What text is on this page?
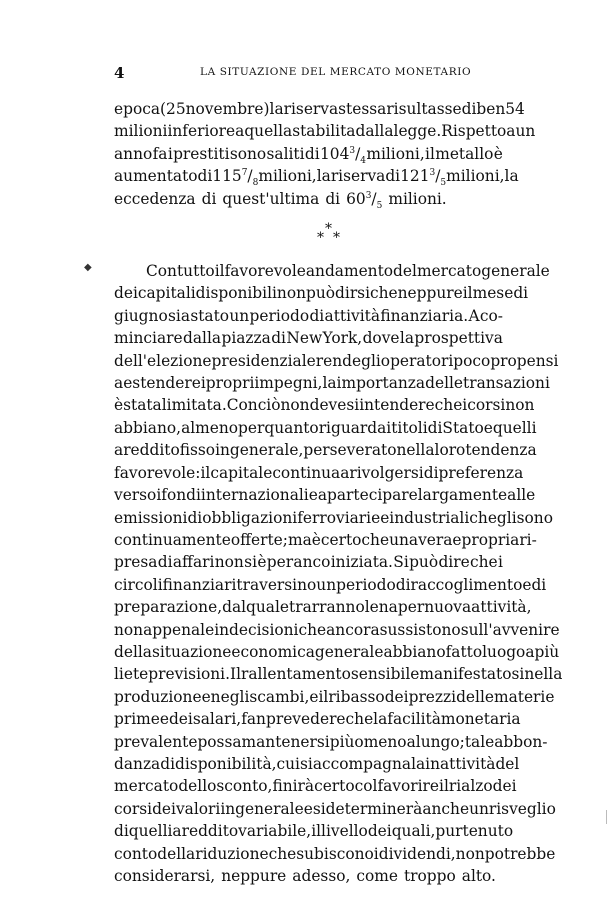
4	LA SITUAZIONE DEL MERCATO MONETARIO
◆
epoca (25 novembre) la riserva stessa risultasse di ben 54
milioni inferiore a quella stabilita dalla legge. Rispetto a un
anno fa i prestiti sono saliti di $104^3/_4$ milioni, il metallo è
aumentato di $115^7/_8$ milioni, la riserva di $121^3/_5$ milioni, la
eccedenza di quest'ultima di $60^3/_5$ milioni.
*
* *
Con tutto il favorevole andamento del mercato generale
dei capitali disponibili non può dirsi che neppure il mese di
giugno sia stato un periodo di attività finanziaria. A co-
minciare dalla piazza di New York, dove la prospettiva
dell'elezione presidenziale rende gli operatori poco propensi
a estendere i propri impegni, la importanza delle transazioni
è stata limitata. Con ciò non devesi intendere che i corsi non
abbiano, almeno per quanto riguarda i titoli di Stato e quelli
a reddito fisso in generale, perseverato nella loro tendenza
favorevole: il capitale continua a rivolgersi di preferenza
verso i fondi internazionali e a partecipare largamente alle
emissioni di obbligazioni ferroviarie e industriali che gli sono
continuamente offerte; ma è certo che una vera e propria ri-
presa di affari non si è per anco iniziata. Si può dire che i
circoli finanziari traversino un periodo di raccoglimento e di
preparazione, dal quale trarranno lena per nuova attività,
non appena le indecisioni che ancora sussistono sull'avvenire
della situazione economica generale abbiano fatto luogo a più
liete previsioni. Il rallentamento sensibile manifestatosi nella
produzione e negli scambi, e il ribasso dei prezzi delle materie
prime e dei salari, fan prevedere che la facilità monetaria
prevalente possa mantenersi più o meno a lungo; tale abbon-
danza di disponibilità, cui si accompagna la inattività del
mercato dello sconto, finirà certo col favorire il rialzo dei
corsi dei valori in generale e si determinerà anche un risveglio
di quelli a reddito variabile, il livello dei quali, pur tenuto
conto della riduzione che subiscono i dividendi, non potrebbe
considerarsi, neppure adesso, come troppo alto.
